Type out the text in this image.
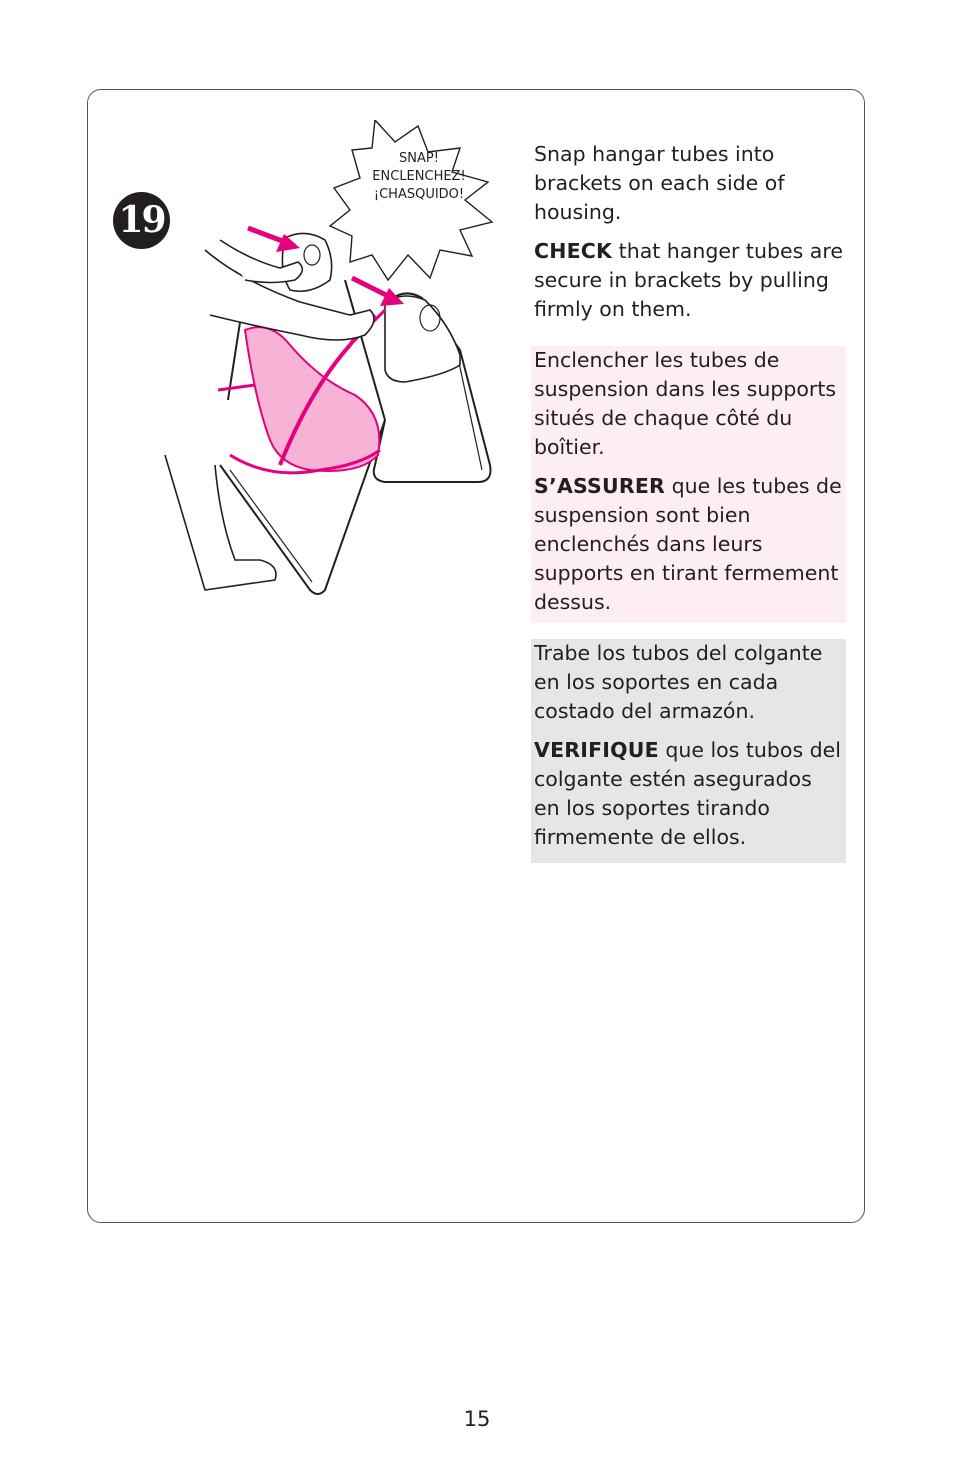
19
SNAP!
ENCLENCHEZ!
¡CHASQUIDO!

Snap hangar tubes into brackets on each side of housing.

CHECK that hanger tubes are secure in brackets by pulling firmly on them.

Enclencher les tubes de suspension dans les supports situés de chaque côté du boîtier.

S’ASSURER que les tubes de suspension sont bien enclenchés dans leurs supports en tirant fermement dessus.

Trabe los tubos del colgante en los soportes en cada costado del armazón.

VERIFIQUE que los tubos del colgante estén asegurados en los soportes tirando firmemente de ellos.

15
